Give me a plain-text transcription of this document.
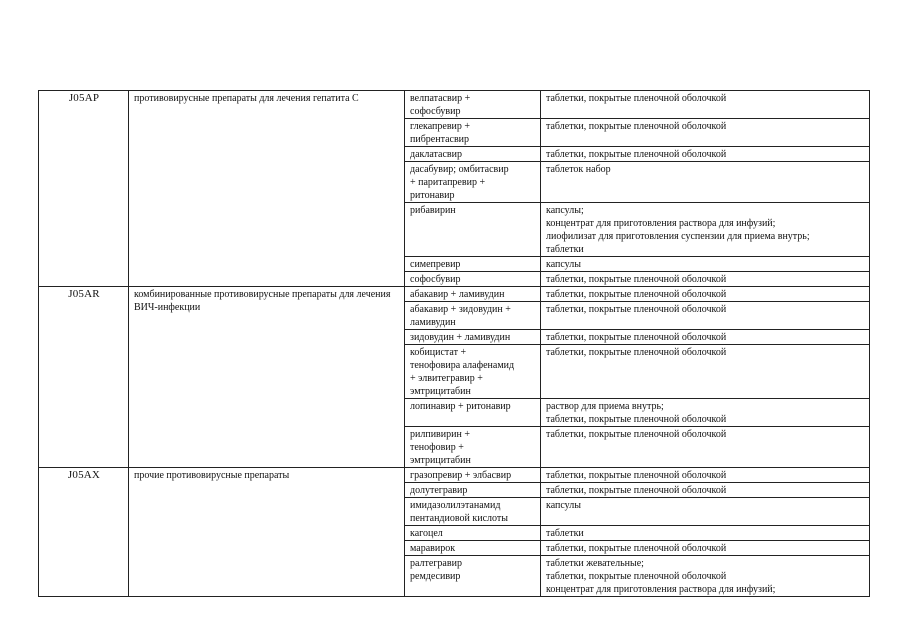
J05AP	противовирусные препараты для лечения гепатита С	велпатасвир +
софосбувир	таблетки, покрытые пленочной оболочкой
		глекапревир +
пибрентасвир	таблетки, покрытые пленочной оболочкой
		даклатасвир	таблетки, покрытые пленочной оболочкой
		дасабувир; омбитасвир
+ паритапревир +
ритонавир	таблеток набор
		рибавирин	капсулы;
концентрат для приготовления раствора для инфузий;
лиофилизат для приготовления суспензии для приема внутрь;
таблетки
		симепревир	капсулы
		софосбувир	таблетки, покрытые пленочной оболочкой
J05AR	комбинированные противовирусные препараты для лечения ВИЧ-инфекции	абакавир + ламивудин	таблетки, покрытые пленочной оболочкой
		абакавир + зидовудин +
ламивудин	таблетки, покрытые пленочной оболочкой
		зидовудин + ламивудин	таблетки, покрытые пленочной оболочкой
		кобицистат +
тенофовира алафенамид
+ элвитегравир +
эмтрицитабин	таблетки, покрытые пленочной оболочкой
		лопинавир + ритонавир	раствор для приема внутрь;
таблетки, покрытые пленочной оболочкой
		рилпивирин +
тенофовир +
эмтрицитабин	таблетки, покрытые пленочной оболочкой
J05AX	прочие противовирусные препараты	гразопревир + элбасвир	таблетки, покрытые пленочной оболочкой
		долутегравир	таблетки, покрытые пленочной оболочкой
		имидазолилэтанамид
пентандиовой кислоты	капсулы
		кагоцел	таблетки
		маравирок	таблетки, покрытые пленочной оболочкой
		ралтегравир
ремдесивир	таблетки жевательные;
таблетки, покрытые пленочной оболочкой
концентрат для приготовления раствора для инфузий;
